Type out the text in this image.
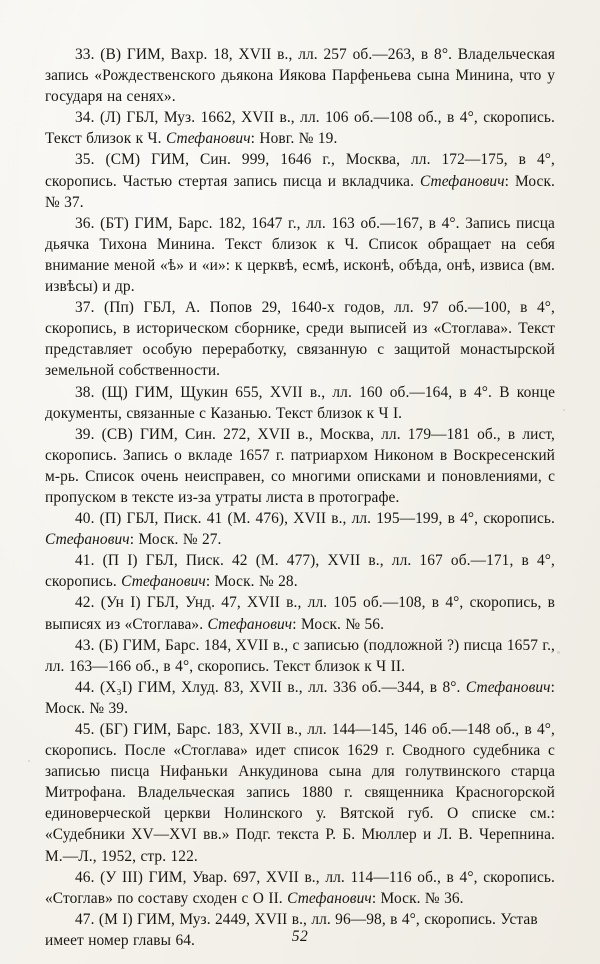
33. (В) ГИМ, Вахр. 18, XVII в., лл. 257 об.—263, в 8°. Владельческая запись «Рождественского дьякона Иякова Парфеньева сына Минина, что у государя на сенях».

34. (Л) ГБЛ, Муз. 1662, XVII в., лл. 106 об.—108 об., в 4°, скоропись. Текст близок к Ч. Стефанович: Новг. № 19.

35. (СМ) ГИМ, Син. 999, 1646 г., Москва, лл. 172—175, в 4°, скоропись. Частью стертая запись писца и вкладчика. Стефанович: Моск. № 37.

36. (БТ) ГИМ, Барс. 182, 1647 г., лл. 163 об.—167, в 4°. Запись писца дьячка Тихона Минина. Текст близок к Ч. Список обращает на себя внимание меной «ѣ» и «и»: к церквѣ, есмѣ, исконѣ, обѣда, онѣ, извиса (вм. извѣсы) и др.

37. (Пп) ГБЛ, А. Попов 29, 1640-х годов, лл. 97 об.—100, в 4°, скоропись, в историческом сборнике, среди выписей из «Стоглава». Текст представляет особую переработку, связанную с защитой монастырской земельной собственности.

38. (Щ) ГИМ, Щукин 655, XVII в., лл. 160 об.—164, в 4°. В конце документы, связанные с Казанью. Текст близок к Ч I.

39. (СВ) ГИМ, Син. 272, XVII в., Москва, лл. 179—181 об., в лист, скоропись. Запись о вкладе 1657 г. патриархом Никоном в Воскресенский м-рь. Список очень неисправен, со многими описками и поновлениями, с пропуском в тексте из-за утраты листа в протографе.

40. (П) ГБЛ, Писк. 41 (М. 476), XVII в., лл. 195—199, в 4°, скоропись. Стефанович: Моск. № 27.

41. (П I) ГБЛ, Писк. 42 (М. 477), XVII в., лл. 167 об.—171, в 4°, скоропись. Стефанович: Моск. № 28.

42. (Ун I) ГБЛ, Унд. 47, XVII в., лл. 105 об.—108, в 4°, скоропись, в выписях из «Стоглава». Стефанович: Моск. № 56.

43. (Б) ГИМ, Барс. 184, XVII в., с записью (подложной ?) писца 1657 г., лл. 163—166 об., в 4°, скоропись. Текст близок к Ч II.

44. (Х₃I) ГИМ, Хлуд. 83, XVII в., лл. 336 об.—344, в 8°. Стефанович: Моск. № 39.

45. (БГ) ГИМ, Барс. 183, XVII в., лл. 144—145, 146 об.—148 об., в 4°, скоропись. После «Стоглава» идет список 1629 г. Сводного судебника с записью писца Нифаньки Анкудинова сына для голутвинского старца Митрофана. Владельческая запись 1880 г. священника Красногорской единоверческой церкви Нолинского у. Вятской губ. О списке см.: «Судебники XV—XVI вв.» Подг. текста Р. Б. Мюллер и Л. В. Черепнина. М.—Л., 1952, стр. 122.

46. (У III) ГИМ, Увар. 697, XVII в., лл. 114—116 об., в 4°, скоропись. «Стоглав» по составу сходен с О II. Стефанович: Моск. № 36.

47. (М I) ГИМ, Муз. 2449, XVII в., лл. 96—98, в 4°, скоропись. Устав имеет номер главы 64.	52
